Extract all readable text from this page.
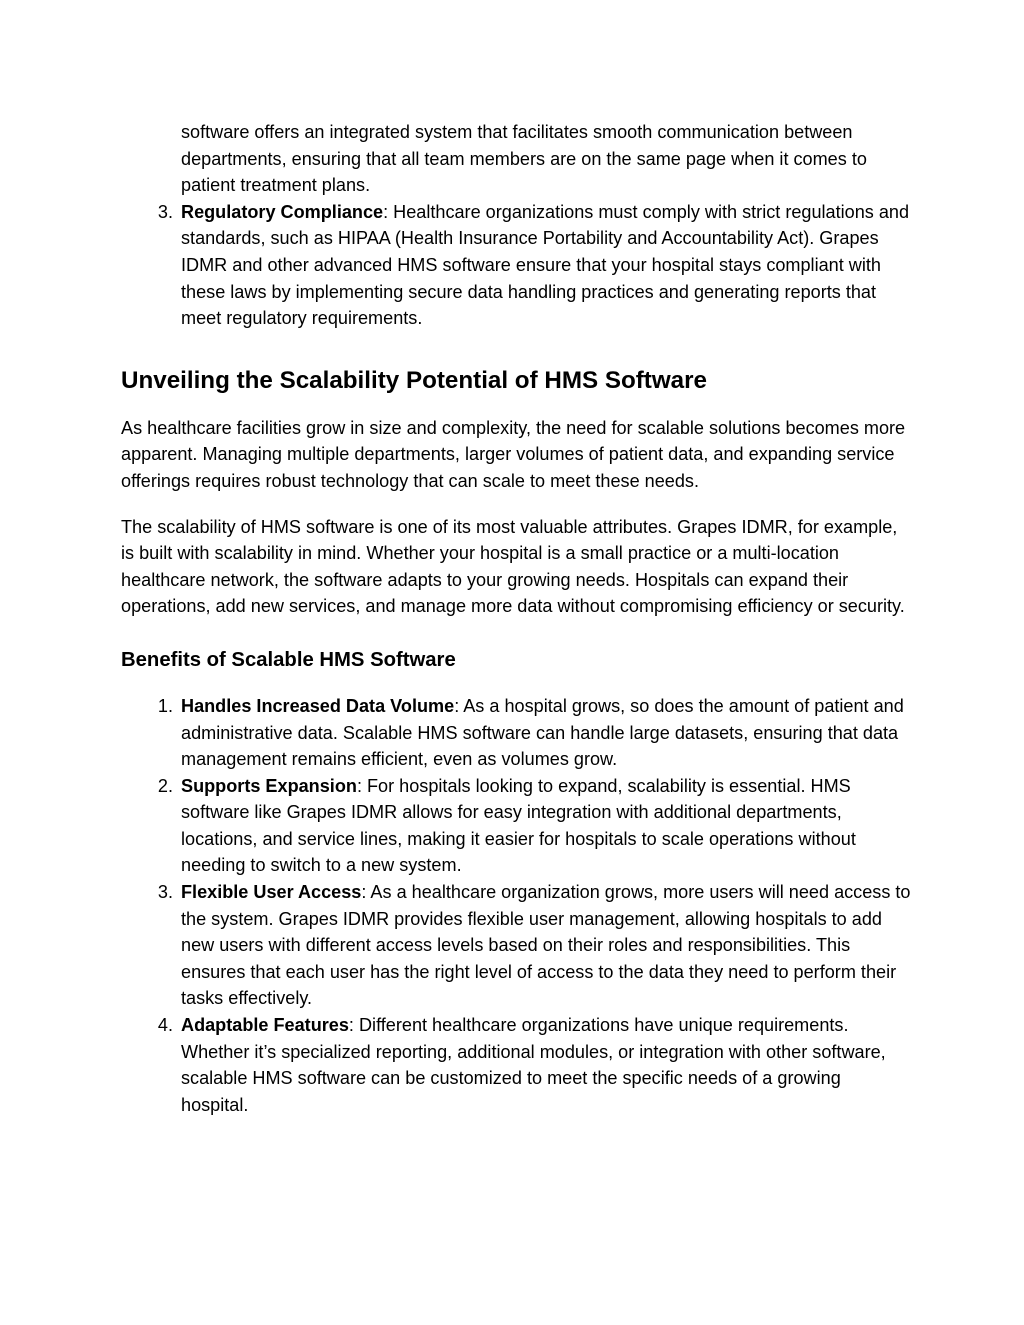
software offers an integrated system that facilitates smooth communication between departments, ensuring that all team members are on the same page when it comes to patient treatment plans.

3. Regulatory Compliance: Healthcare organizations must comply with strict regulations and standards, such as HIPAA (Health Insurance Portability and Accountability Act). Grapes IDMR and other advanced HMS software ensure that your hospital stays compliant with these laws by implementing secure data handling practices and generating reports that meet regulatory requirements.
Unveiling the Scalability Potential of HMS Software

As healthcare facilities grow in size and complexity, the need for scalable solutions becomes more apparent. Managing multiple departments, larger volumes of patient data, and expanding service offerings requires robust technology that can scale to meet these needs.

The scalability of HMS software is one of its most valuable attributes. Grapes IDMR, for example, is built with scalability in mind. Whether your hospital is a small practice or a multi-location healthcare network, the software adapts to your growing needs. Hospitals can expand their operations, add new services, and manage more data without compromising efficiency or security.

Benefits of Scalable HMS Software
1. Handles Increased Data Volume: As a hospital grows, so does the amount of patient and administrative data. Scalable HMS software can handle large datasets, ensuring that data management remains efficient, even as volumes grow.
2. Supports Expansion: For hospitals looking to expand, scalability is essential. HMS software like Grapes IDMR allows for easy integration with additional departments, locations, and service lines, making it easier for hospitals to scale operations without needing to switch to a new system.
3. Flexible User Access: As a healthcare organization grows, more users will need access to the system. Grapes IDMR provides flexible user management, allowing hospitals to add new users with different access levels based on their roles and responsibilities. This ensures that each user has the right level of access to the data they need to perform their tasks effectively.
4. Adaptable Features: Different healthcare organizations have unique requirements. Whether it’s specialized reporting, additional modules, or integration with other software, scalable HMS software can be customized to meet the specific needs of a growing hospital.
